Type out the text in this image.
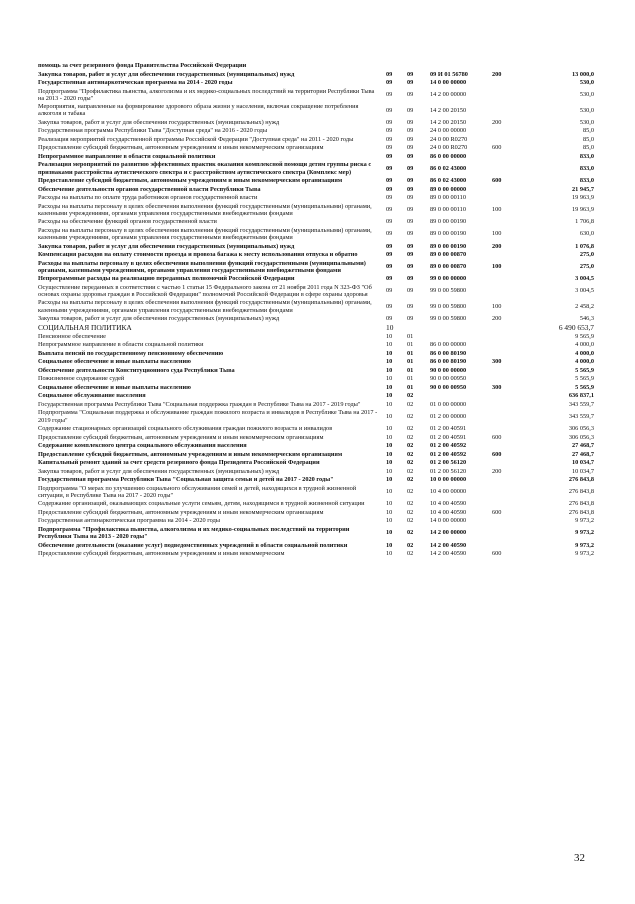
помощь за счет резервного фонда Правительства Российской Федерации
Закупка товаров, работ и услуг для обеспечения государственных (муниципальных) нужд	09	09	09 И 01 56780	200	13 000,0
Государственная антинаркотическая программа на 2014 - 2020 годы	09	09	14 0 00 00000	530,0
Подпрограмма "Профилактика пьянства, алкоголизма и их медико-социальных последствий на территории Республики Тыва на 2013 - 2020 годы"
09	09	14 2 00 00000	530,0
Мероприятия, направленные на формирование здорового образа жизни у населения, включая сокращение потребления алкоголя и табака
09	09	14 2 00 20150	530,0
Закупка товаров, работ и услуг для обеспечения государственных (муниципальных) нужд	09	09	14 2 00 20150	200	530,0
Государственная программа Республики Тыва "Доступная среда" на 2016 - 2020 годы	09	09	24 0 00 00000	85,0
Реализация мероприятий государственной программы Российской Федерации "Доступная среда" на 2011 - 2020 годы	09	09	24 0 00 R0270	85,0
Предоставление субсидий бюджетным, автономным учреждениям и иным некоммерческим организациям	09	09	24 0 00 R0270	600	85,0
Непрограммное направление в области социальной политики	09	09	86 0 00 00000	833,0
Реализация мероприятий по развитию эффективных практик оказания комплексной помощи детям группы риска с признаками расстройства аутистического спектра и с расстройством аутистического спектра (Комплекс мер)
09	09	86 0 02 43000	833,0
Предоставление субсидий бюджетным, автономным учреждениям и иным некоммерческим организациям	09	09	86 0 02 43000	600	833,0
Обеспечение деятельности органов государственной власти Республики Тыва	09	09	89 0 00 00000	21 945,7
Расходы на выплаты по оплате труда работников органов государственной власти	09	09	89 0 00 00110	19 963,9
Расходы на выплаты персоналу в целях обеспечения выполнения функций государственными (муниципальными) органами, казенными учреждениями, органами управления государственными внебюджетными фондами
09	09	89 0 00 00110	100	19 963,9
Расходы на обеспечение функций органов государственной власти	09	09	89 0 00 00190	1 706,8
Расходы на выплаты персоналу в целях обеспечения выполнения функций государственными (муниципальными) органами, казенными учреждениями, органами управления государственными внебюджетными фондами
09	09	89 0 00 00190	100	630,0
Закупка товаров, работ и услуг для обеспечения государственных (муниципальных) нужд	09	09	89 0 00 00190	200	1 076,8
Компенсация расходов на оплату стоимости проезда и провоза багажа к месту использования отпуска и обратно	09	09	89 0 00 00870	275,0
Расходы на выплаты персоналу в целях обеспечения выполнения функций государственными (муниципальными) органами, казенными учреждениями, органами управления государственными внебюджетными фондами
09	09	89 0 00 00870	100	275,0
Непрограммные расходы на реализацию переданных полномочий Российской Федерации	09	09	99 0 00 00000	3 004,5
Осуществление переданных в соответствии с частью 1 статьи 15 Федерального закона от 21 ноября 2011 года N 323-ФЗ "Об основах охраны здоровья граждан в Российской Федерации" полномочий Российской Федерации в сфере охраны здоровья
09	09	99 0 00 59800	3 004,5
Расходы на выплаты персоналу в целях обеспечения выполнения функций государственными (муниципальными) органами, казенными учреждениями, органами управления государственными внебюджетными фондами
09	09	99 0 00 59800	100	2 458,2
Закупка товаров, работ и услуг для обеспечения государственных (муниципальных) нужд	09	09	99 0 00 59800	200	546,3
СОЦИАЛЬНАЯ ПОЛИТИКА	10	6 490 653,7
Пенсионное обеспечение	10	01	9 565,9
Непрограммное направление в области социальной политики	10	01	86 0 00 00000	4 000,0
Выплата пенсий по государственному пенсионному обеспечению	10	01	86 0 00 80190	4 000,0
Социальное обеспечение и иные выплаты населению	10	01	86 0 00 80190	300	4 000,0
Обеспечение деятельности Конституционного суда Республики Тыва	10	01	90 0 00 00000	5 565,9
Пожизненное содержание судей	10	01	90 0 00 00950	5 565,9
Социальное обеспечение и иные выплаты населению	10	01	90 0 00 00950	300	5 565,9
Социальное обслуживание населения	10	02	636 837,1
Государственная программа Республики Тыва "Социальная поддержка граждан в Республике Тыва на 2017 - 2019 годы"	10	02	01 0 00 00000	343 559,7
Подпрограмма "Социальная поддержка и обслуживание граждан пожилого возраста и инвалидов в Республике Тыва на 2017 - 2019 годы"
10	02	01 2 00 00000	343 559,7
Содержание стационарных организаций социального обслуживания граждан пожилого возраста и инвалидов	10	02	01 2 00 40591	306 056,3
Предоставление субсидий бюджетным, автономным учреждениям и иным некоммерческим организациям	10	02	01 2 00 40591	600	306 056,3
Содержание комплексного центра социального обслуживания населения	10	02	01 2 00 40592	27 468,7
Предоставление субсидий бюджетным, автономным учреждениям и иным некоммерческим организациям	10	02	01 2 00 40592	600	27 468,7
Капитальный ремонт зданий за счет средств резервного фонда Президента Российской Федерации	10	02	01 2 00 56120	10 034,7
Закупка товаров, работ и услуг для обеспечения государственных (муниципальных) нужд	10	02	01 2 00 56120	200	10 034,7
Государственная программа Республики Тыва "Социальная защита семьи и детей на 2017 - 2020 годы"	10	02	10 0 00 00000	276 843,8
Подпрограмма "О мерах по улучшению социального обслуживания семей и детей, находящихся в трудной жизненной ситуации, в Республике Тыва на 2017 - 2020 годы"
10	02	10 4 00 00000	276 843,8
Содержание организаций, оказывающих социальные услуги семьям, детям, находящимся в трудной жизненной ситуации	10	02	10 4 00 40590	276 843,8
Предоставление субсидий бюджетным, автономным учреждениям и иным некоммерческим организациям	10	02	10 4 00 40590	600	276 843,8
Государственная антинаркотическая программа на 2014 - 2020 годы	10	02	14 0 00 00000	9 973,2
Подпрограмма "Профилактика пьянства, алкоголизма и их медико-социальных последствий на территории Республики Тыва на 2013 - 2020 годы"
10	02	14 2 00 00000	9 973,2
Обеспечение деятельности (оказание услуг) подведомственных учреждений в области социальной политики	10	02	14 2 00 40590	9 973,2
Предоставление субсидий бюджетным, автономным учреждениям и иным некоммерческим	10	02	14 2 00 40590	600	9 973,2
32
